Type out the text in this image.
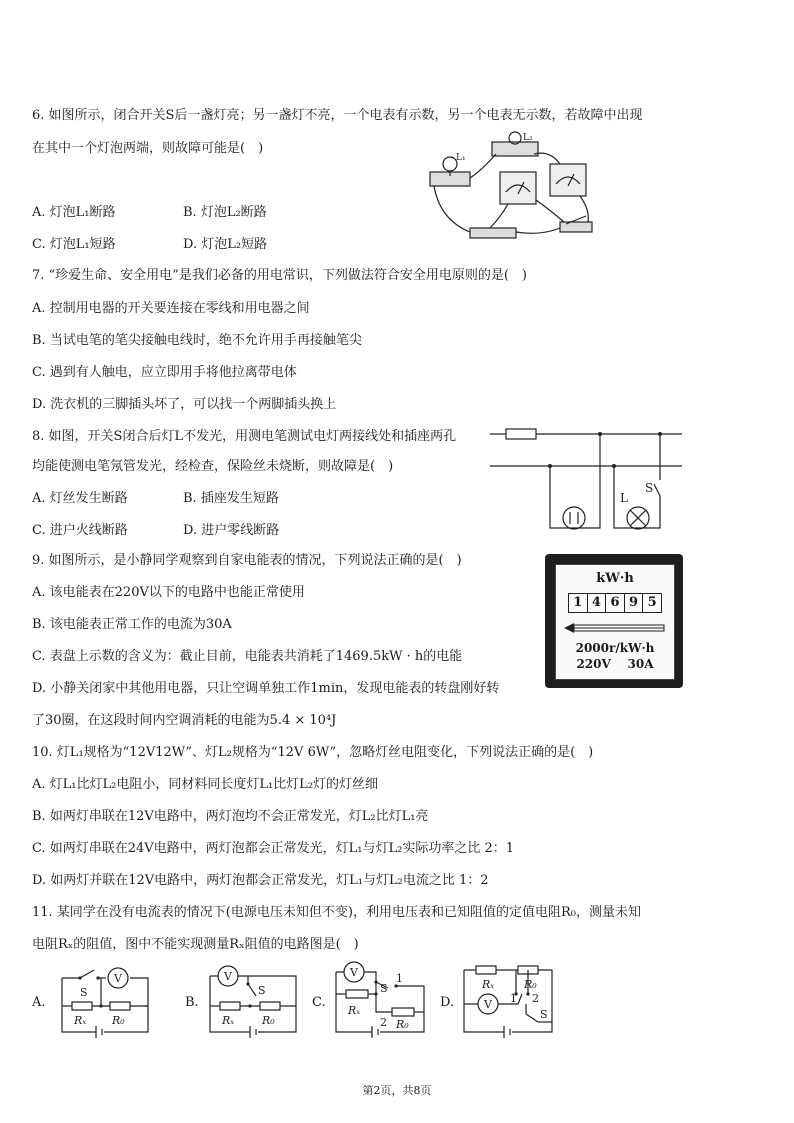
6. 如图所示，闭合开关S后一盏灯亮；另一盏灯不亮，一个电表有示数，另一个电表无示数，若故障中出现
在其中一个灯泡两端，则故障可能是(　)
A. 灯泡L₁断路	B. 灯泡L₂断路
C. 灯泡L₁短路	D. 灯泡L₂短路
L₁
L₂
7. “珍爱生命、安全用电”是我们必备的用电常识，下列做法符合安全用电原则的是(　)
A. 控制用电器的开关要连接在零线和用电器之间
B. 当试电笔的笔尖接触电线时，绝不允许用手再接触笔尖
C. 遇到有人触电，应立即用手将他拉离带电体
D. 洗衣机的三脚插头坏了，可以找一个两脚插头换上
8. 如图，开关S闭合后灯L不发光，用测电笔测试电灯两接线处和插座两孔
均能使测电笔氖管发光，经检查，保险丝未烧断，则故障是(　)
A. 灯丝发生断路	B. 插座发生短路
C. 进户火线断路	D. 进户零线断路
L
S
9. 如图所示，是小静同学观察到自家电能表的情况，下列说法正确的是(　)
A. 该电能表在220V以下的电路中也能正常使用
B. 该电能表正常工作的电流为30A
C. 表盘上示数的含义为：截止目前，电能表共消耗了1469.5kW · h的电能
D. 小静关闭家中其他用电器，只让空调单独工作1min，发现电能表的转盘刚好转
了30圈，在这段时间内空调消耗的电能为5.4 × 10⁴J
kW·h
1 4 6 9 5
2000r/kW·h
220V    30A
10. 灯L₁规格为“12V12W”、灯L₂规格为“12V 6W”，忽略灯丝电阻变化，下列说法正确的是(　)
A. 灯L₁比灯L₂电阻小，同材料同长度灯L₁比灯L₂灯的灯丝细
B. 如两灯串联在12V电路中，两灯泡均不会正常发光，灯L₂比灯L₁亮
C. 如两灯串联在24V电路中，两灯泡都会正常发光，灯L₁与灯L₂实际功率之比 2：1
D. 如两灯并联在12V电路中，两灯泡都会正常发光，灯L₁与灯L₂电流之比 1：2
11. 某同学在没有电流表的情况下(电源电压未知但不变)，利用电压表和已知阻值的定值电阻R₀，测量未知
电阻Rₓ的阻值，图中不能实现测量Rₓ阻值的电路图是(　)
A.
V
S
Rₓ R₀
B.
V
S
Rₓ	R₀
C.
V
S
1
2
Rₓ
R₀
D.	V
Rₓ	R₀
1 2
S
第2页，共8页
